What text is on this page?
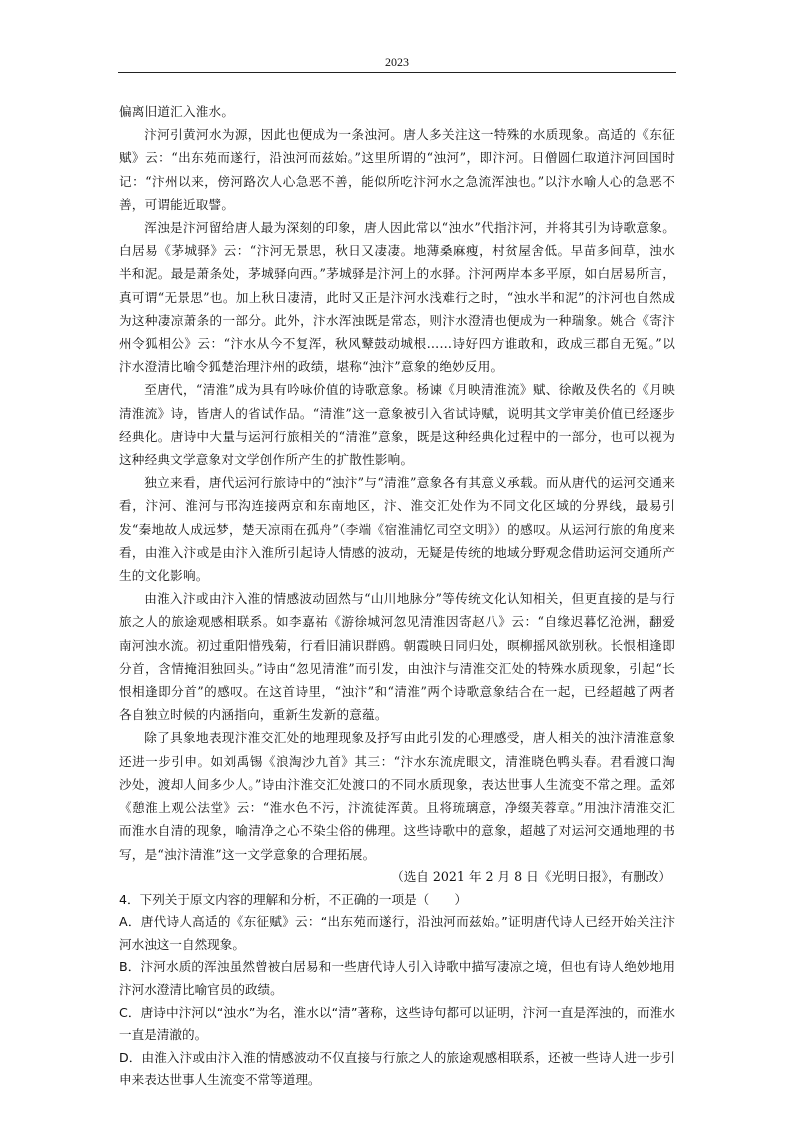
2023

偏离旧道汇入淮水。

汴河引黄河水为源，因此也便成为一条浊河。唐人多关注这一特殊的水质现象。高适的《东征赋》云：“出东苑而遂行，沿浊河而兹始。”这里所谓的“浊河”，即汴河。日僧圆仁取道汴河回国时记：“汴州以来，傍河路次人心急恶不善，能似所吃汴河水之急流浑浊也。”以汴水喻人心的急恶不善，可谓能近取譬。

浑浊是汴河留给唐人最为深刻的印象，唐人因此常以“浊水”代指汴河，并将其引为诗歌意象。白居易《茅城驿》云：“汴河无景思，秋日又凄凄。地薄桑麻瘦，村贫屋舍低。早苗多间草，浊水半和泥。最是萧条处，茅城驿向西。”茅城驿是汴河上的水驿。汴河两岸本多平原，如白居易所言，真可谓“无景思”也。加上秋日凄清，此时又正是汴河水浅难行之时，“浊水半和泥”的汴河也自然成为这种凄凉萧条的一部分。此外，汴水浑浊既是常态，则汴水澄清也便成为一种瑞象。姚合《寄汴州令狐相公》云：“汴水从今不复浑，秋风鼙鼓动城根……诗好四方谁敢和，政成三郡自无冤。”以汴水澄清比喻令狐楚治理汴州的政绩，堪称“浊汴”意象的绝妙反用。

至唐代，“清淮”成为具有吟咏价值的诗歌意象。杨谏《月映清淮流》赋、徐敞及佚名的《月映清淮流》诗，皆唐人的省试作品。“清淮”这一意象被引入省试诗赋，说明其文学审美价值已经逐步经典化。唐诗中大量与运河行旅相关的“清淮”意象，既是这种经典化过程中的一部分，也可以视为这种经典文学意象对文学创作所产生的扩散性影响。

独立来看，唐代运河行旅诗中的“浊汴”与“清淮”意象各有其意义承载。而从唐代的运河交通来看，汴河、淮河与邗沟连接两京和东南地区，汴、淮交汇处作为不同文化区域的分界线，最易引发“秦地故人成远梦，楚天凉雨在孤舟”（李端《宿淮浦忆司空文明》）的感叹。从运河行旅的角度来看，由淮入汴或是由汴入淮所引起诗人情感的波动，无疑是传统的地域分野观念借助运河交通所产生的文化影响。

由淮入汴或由汴入淮的情感波动固然与“山川地脉分”等传统文化认知相关，但更直接的是与行旅之人的旅途观感相联系。如李嘉祐《游徐城河忽见清淮因寄赵八》云：“自缘迟暮忆沧洲，翻爱南河浊水流。初过重阳惜残菊，行看旧浦识群鸥。朝霞映日同归处，暝柳摇风欲别秋。长恨相逢即分首，含情掩泪独回头。”诗由“忽见清淮”而引发，由浊汴与清淮交汇处的特殊水质现象，引起“长恨相逢即分首”的感叹。在这首诗里，“浊汴”和“清淮”两个诗歌意象结合在一起，已经超越了两者各自独立时候的内涵指向，重新生发新的意蕴。

除了具象地表现汴淮交汇处的地理现象及抒写由此引发的心理感受，唐人相关的浊汴清淮意象还进一步引申。如刘禹锡《浪淘沙九首》其三：“汴水东流虎眼文，清淮晓色鸭头春。君看渡口淘沙处，渡却人间多少人。”诗由汴淮交汇处渡口的不同水质现象，表达世事人生流变不常之理。孟郊《憩淮上观公法堂》云：“淮水色不污，汴流徒浑黄。且将琉璃意，净缀芙蓉章。”用浊汴清淮交汇而淮水自清的现象，喻清净之心不染尘俗的佛理。这些诗歌中的意象，超越了对运河交通地理的书写，是“浊汴清淮”这一文学意象的合理拓展。

（选自 2021 年 2 月 8 日《光明日报》，有删改）

4．下列关于原文内容的理解和分析，不正确的一项是（　　）

A．唐代诗人高适的《东征赋》云：“出东苑而遂行，沿浊河而兹始。”证明唐代诗人已经开始关注汴河水浊这一自然现象。

B．汴河水质的浑浊虽然曾被白居易和一些唐代诗人引入诗歌中描写凄凉之境，但也有诗人绝妙地用汴河水澄清比喻官员的政绩。

C．唐诗中汴河以“浊水”为名，淮水以“清”著称，这些诗句都可以证明，汴河一直是浑浊的，而淮水一直是清澈的。

D．由淮入汴或由汴入淮的情感波动不仅直接与行旅之人的旅途观感相联系，还被一些诗人进一步引申来表达世事人生流变不常等道理。
